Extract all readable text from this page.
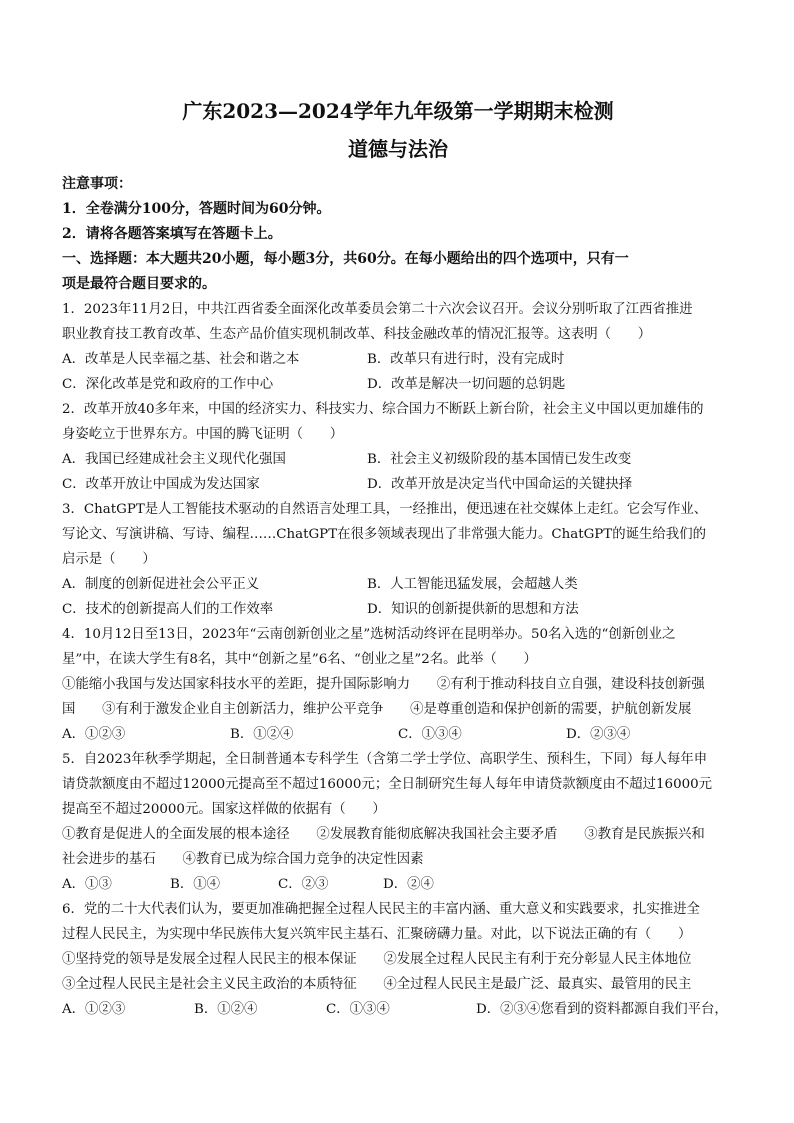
广东2023—2024学年九年级第一学期期末检测

道德与法治

注意事项：

1．全卷满分100分，答题时间为60分钟。

2．请将各题答案填写在答题卡上。

一、选择题：本大题共20小题，每小题3分，共60分。在每小题给出的四个选项中，只有一

项是最符合题目要求的。

1．2023年11月2日，中共江西省委全面深化改革委员会第二十六次会议召开。会议分别听取了江西省推进

职业教育技工教育改革、生态产品价值实现机制改革、科技金融改革的情况汇报等。这表明（　　）

A．改革是人民幸福之基、社会和谐之本	B．改革只有进行时，没有完成时
C．深化改革是党和政府的工作中心	D．改革是解决一切问题的总钥匙

2．改革开放40多年来，中国的经济实力、科技实力、综合国力不断跃上新台阶，社会主义中国以更加雄伟的

身姿屹立于世界东方。中国的腾飞证明（　　）

A．我国已经建成社会主义现代化强国	B．社会主义初级阶段的基本国情已发生改变
C．改革开放让中国成为发达国家	D．改革开放是决定当代中国命运的关键抉择

3．ChatGPT是人工智能技术驱动的自然语言处理工具，一经推出，便迅速在社交媒体上走红。它会写作业、

写论文、写演讲稿、写诗、编程……ChatGPT在很多领域表现出了非常强大能力。ChatGPT的诞生给我们的

启示是（　　）

A．制度的创新促进社会公平正义	B．人工智能迅猛发展，会超越人类
C．技术的创新提高人们的工作效率	D．知识的创新提供新的思想和方法

4．10月12日至13日，2023年“云南创新创业之星”选树活动终评在昆明举办。50名入选的“创新创业之

星”中，在读大学生有8名，其中“创新之星”6名、“创业之星”2名。此举（　　）

①能缩小我国与发达国家科技水平的差距，提升国际影响力　　②有利于推动科技自立自强，建设科技创新强

国　　③有利于激发企业自主创新活力，维护公平竞争　　④是尊重创造和保护创新的需要，护航创新发展

A．①②③	B．①②④	C．①③④	D．②③④

5．自2023年秋季学期起，全日制普通本专科学生（含第二学士学位、高职学生、预科生，下同）每人每年申

请贷款额度由不超过12000元提高至不超过16000元；全日制研究生每人每年申请贷款额度由不超过16000元

提高至不超过20000元。国家这样做的依据有（　　）

①教育是促进人的全面发展的根本途径　　②发展教育能彻底解决我国社会主要矛盾　　③教育是民族振兴和

社会进步的基石　　④教育已成为综合国力竞争的决定性因素

A．①③	B．①④	C．②③	D．②④

6．党的二十大代表们认为，要更加准确把握全过程人民民主的丰富内涵、重大意义和实践要求，扎实推进全

过程人民民主，为实现中华民族伟大复兴筑牢民主基石、汇聚磅礴力量。对此，以下说法正确的有（　　）

①坚持党的领导是发展全过程人民民主的根本保证　　②发展全过程人民民主有利于充分彰显人民主体地位

③全过程人民民主是社会主义民主政治的本质特征　　④全过程人民民主是最广泛、最真实、最管用的民主

A．①②③	B．①②④	C．①③④	D．②③④您看到的资料都源自我们平台，
